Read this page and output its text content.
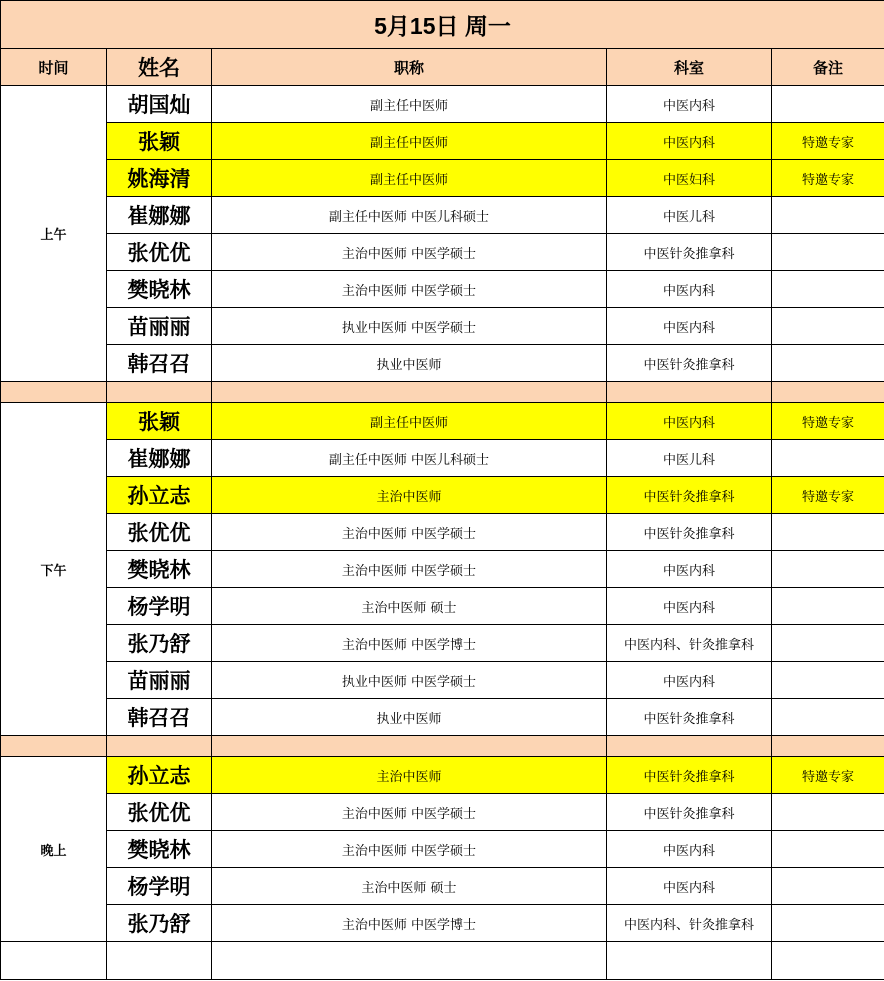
5月15日 周一				
时间	姓名	职称	科室	备注
上午	胡国灿	副主任中医师	中医内科	
	张颖	副主任中医师	中医内科	特邀专家
	姚海清	副主任中医师	中医妇科	特邀专家
	崔娜娜	副主任中医师 中医儿科硕士	中医儿科	
	张优优	主治中医师 中医学硕士	中医针灸推拿科	
	樊晓林	主治中医师 中医学硕士	中医内科	
	苗丽丽	执业中医师 中医学硕士	中医内科	
	韩召召	执业中医师	中医针灸推拿科	

下午	张颖	副主任中医师	中医内科	特邀专家
	崔娜娜	副主任中医师 中医儿科硕士	中医儿科	
	孙立志	主治中医师	中医针灸推拿科	特邀专家
	张优优	主治中医师 中医学硕士	中医针灸推拿科	
	樊晓林	主治中医师 中医学硕士	中医内科	
	杨学明	主治中医师 硕士	中医内科	
	张乃舒	主治中医师 中医学博士	中医内科、针灸推拿科	
	苗丽丽	执业中医师 中医学硕士	中医内科	
	韩召召	执业中医师	中医针灸推拿科	

晚上	孙立志	主治中医师	中医针灸推拿科	特邀专家
	张优优	主治中医师 中医学硕士	中医针灸推拿科	
	樊晓林	主治中医师 中医学硕士	中医内科	
	杨学明	主治中医师 硕士	中医内科	
	张乃舒	主治中医师 中医学博士	中医内科、针灸推拿科	
